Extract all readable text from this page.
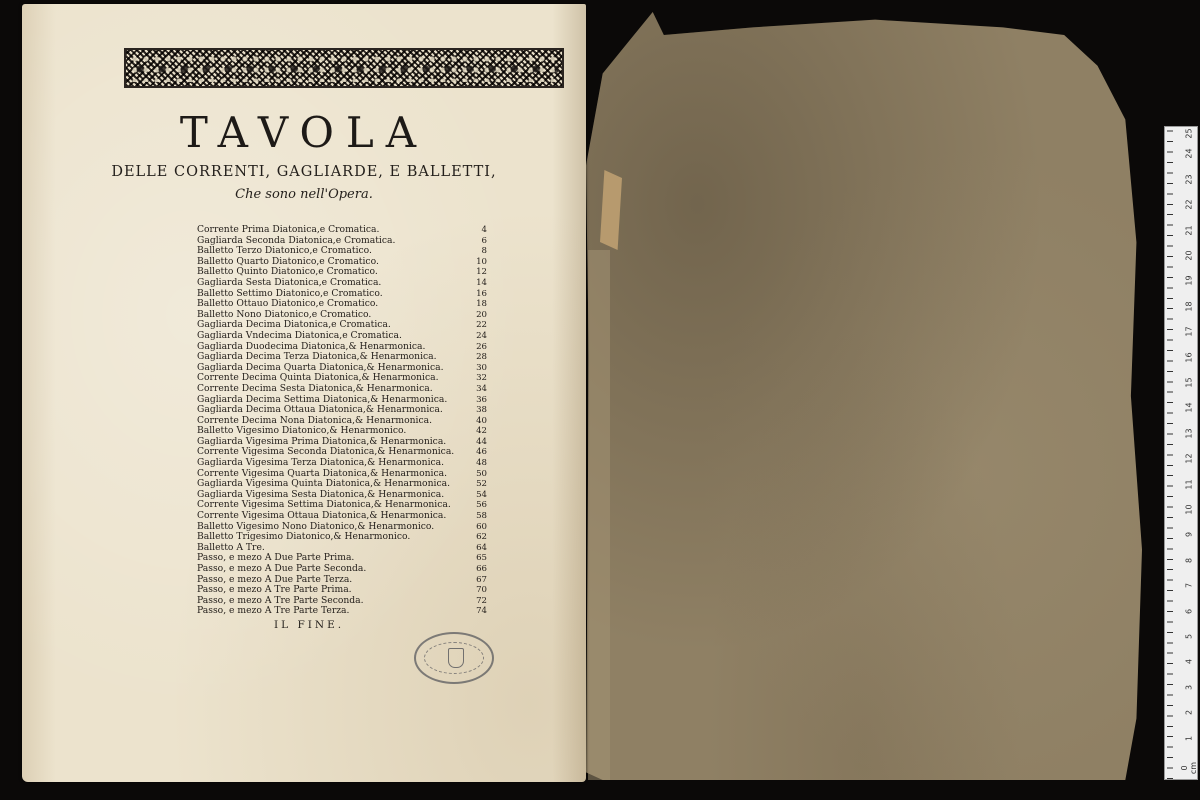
TAVOLA
DELLE CORRENTI, GAGLIARDE, E BALLETTI,
Che sono nell'Opera.
Corrente Prima Diatonica,e Cromatica.	4
Gagliarda Seconda Diatonica,e Cromatica.	6
Balletto Terzo Diatonico,e Cromatico.	8
Balletto Quarto Diatonico,e Cromatico.	10
Balletto Quinto Diatonico,e Cromatico.	12
Gagliarda Sesta Diatonica,e Cromatica.	14
Balletto Settimo Diatonico,e Cromatico.	16
Balletto Ottauo Diatonico,e Cromatico.	18
Balletto Nono Diatonico,e Cromatico.	20
Gagliarda Decima Diatonica,e Cromatica.	22
Gagliarda Vndecima Diatonica,e Cromatica.	24
Gagliarda Duodecima Diatonica,& Henarmonica.	26
Gagliarda Decima Terza Diatonica,& Henarmonica.	28
Gagliarda Decima Quarta Diatonica,& Henarmonica.	30
Corrente Decima Quinta Diatonica,& Henarmonica.	32
Corrente Decima Sesta Diatonica,& Henarmonica.	34
Gagliarda Decima Settima Diatonica,& Henarmonica.	36
Gagliarda Decima Ottaua Diatonica,& Henarmonica.	38
Corrente Decima Nona Diatonica,& Henarmonica.	40
Balletto Vigesimo Diatonico,& Henarmonico.	42
Gagliarda Vigesima Prima Diatonica,& Henarmonica.	44
Corrente Vigesima Seconda Diatonica,& Henarmonica.	46
Gagliarda Vigesima Terza Diatonica,& Henarmonica.	48
Corrente Vigesima Quarta Diatonica,& Henarmonica.	50
Gagliarda Vigesima Quinta Diatonica,& Henarmonica.	52
Gagliarda Vigesima Sesta Diatonica,& Henarmonica.	54
Corrente Vigesima Settima Diatonica,& Henarmonica.	56
Corrente Vigesima Ottaua Diatonica,& Henarmonica.	58
Balletto Vigesimo Nono Diatonico,& Henarmonico.	60
Balletto Trigesimo Diatonico,& Henarmonico.	62
Balletto A Tre.	64
Passo, e mezo A Due Parte Prima.	65
Passo, e mezo A Due Parte Seconda.	66
Passo, e mezo A Due Parte Terza.	67
Passo, e mezo A Tre Parte Prima.	70
Passo, e mezo A Tre Parte Seconda.	72
Passo, e mezo A Tre Parte Terza.	74
IL FINE.
0 cm
1
2
3
4
5
6
7
8
9
10
11
12
13
14
15
16
17
18
19
20
21
22
23
24
25
